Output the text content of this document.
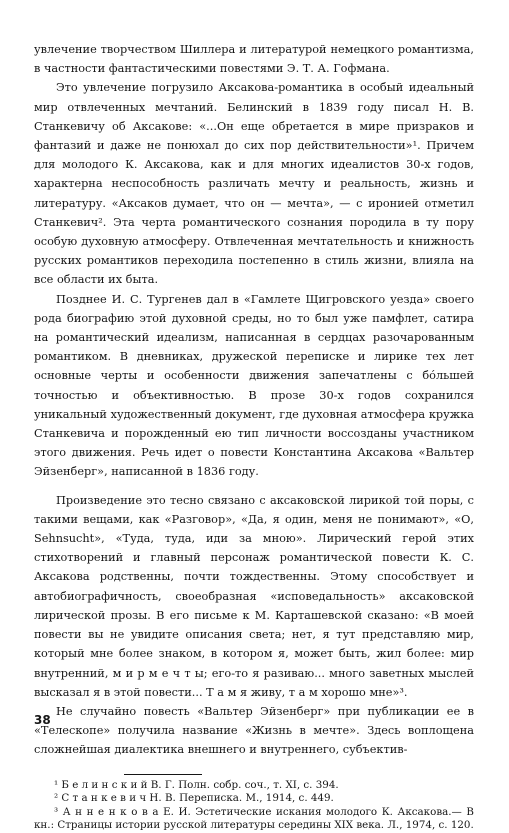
увлечение творчеством Шиллера и литературой немецкого романтизма, в частности фантастическими повестями Э. Т. А. Гофмана.

Это увлечение погрузило Аксакова-романтика в особый идеальный мир отвлеченных мечтаний. Белинский в 1839 году писал Н. В. Станкевичу об Аксакове: «...Он еще обретается в мире призраков и фантазий и даже не понюхал до сих пор действительности»¹. Причем для молодого К. Аксакова, как и для многих идеалистов 30-х годов, характерна неспособность различать мечту и реальность, жизнь и литературу. «Аксаков думает, что он — мечта», — с иронией отметил Станкевич². Эта черта романтического сознания породила в ту пору особую духовную атмосферу. Отвлеченная мечтательность и книжность русских романтиков переходила постепенно в стиль жизни, влияла на все области их быта.

Позднее И. С. Тургенев дал в «Гамлете Щигровского уезда» своего рода биографию этой духовной среды, но то был уже памфлет, сатира на романтический идеализм, написанная в сердцах разочарованным романтиком. В дневниках, дружеской переписке и лирике тех лет основные черты и особенности движения запечатлены с бо́льшей точностью и объективностью. В прозе 30-х годов сохранился уникальный художественный документ, где духовная атмосфера кружка Станкевича и порожденный ею тип личности воссозданы участником этого движения. Речь идет о повести Константина Аксакова «Вальтер Эйзенберг», написанной в 1836 году.

Произведение это тесно связано с аксаковской лирикой той поры, с такими вещами, как «Разговор», «Да, я один, меня не понимают», «О, Sehnsucht», «Туда, туда, иди за мною». Лирический герой этих стихотворений и главный персонаж романтической повести К. С. Аксакова родственны, почти тождественны. Этому способствует и автобиографичность, своеобразная «исповедальность» аксаковской лирической прозы. В его письме к М. Карташевской сказано: «В моей повести вы не увидите описания света; нет, я тут представляю мир, который мне более знаком, в котором я, может быть, жил более: мир внутренний, м и р м е ч т ы; его-то я разиваю... много заветных мыслей высказал я в этой повести... Т а м я живу, т а м хорошо мне»³.

Не случайно повесть «Вальтер Эйзенберг» при публикации ее в «Телескопе» получила название «Жизнь в мечте». Здесь воплощена сложнейшая диалектика внешнего и внутреннего, субъектив-

¹ Б е л и н с к и й В. Г. Полн. собр. соч., т. XI, с. 394.

² С т а н к е в и ч Н. В. Переписка. М., 1914, с. 449.

³ А н н е н к о в а Е. И. Эстетические искания молодого К. Аксакова.— В кн.: Страницы истории русской литературы середины XIX века. Л., 1974, с. 120.

38
